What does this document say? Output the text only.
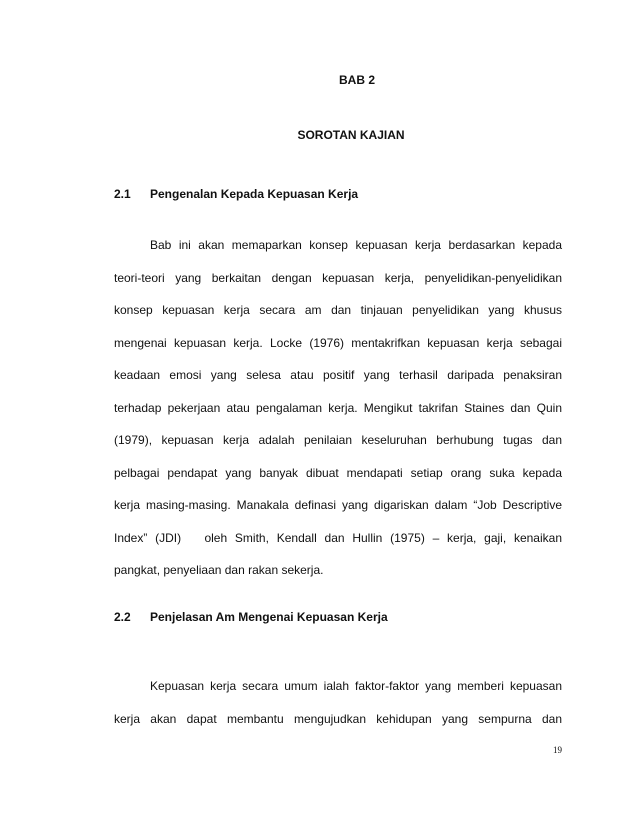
BAB 2
SOROTAN KAJIAN
2.1	Pengenalan Kepada Kepuasan Kerja
Bab ini akan memaparkan konsep kepuasan kerja berdasarkan kepada
teori-teori yang berkaitan dengan kepuasan kerja, penyelidikan-penyelidikan
konsep kepuasan kerja secara am dan tinjauan penyelidikan yang khusus
mengenai kepuasan kerja. Locke (1976) mentakrifkan kepuasan kerja sebagai
keadaan emosi yang selesa atau positif yang terhasil daripada penaksiran
terhadap pekerjaan atau pengalaman kerja. Mengikut takrifan Staines dan Quin
(1979), kepuasan kerja adalah penilaian keseluruhan berhubung tugas dan
pelbagai pendapat yang banyak dibuat mendapati setiap orang suka kepada
kerja masing-masing. Manakala definasi yang digariskan dalam “Job Descriptive
Index” (JDI)   oleh Smith, Kendall dan Hullin (1975) – kerja, gaji, kenaikan
pangkat, penyeliaan dan rakan sekerja.
2.2	Penjelasan Am Mengenai Kepuasan Kerja
Kepuasan kerja secara umum ialah faktor-faktor yang memberi kepuasan
kerja akan dapat membantu mengujudkan kehidupan yang sempurna dan
19
